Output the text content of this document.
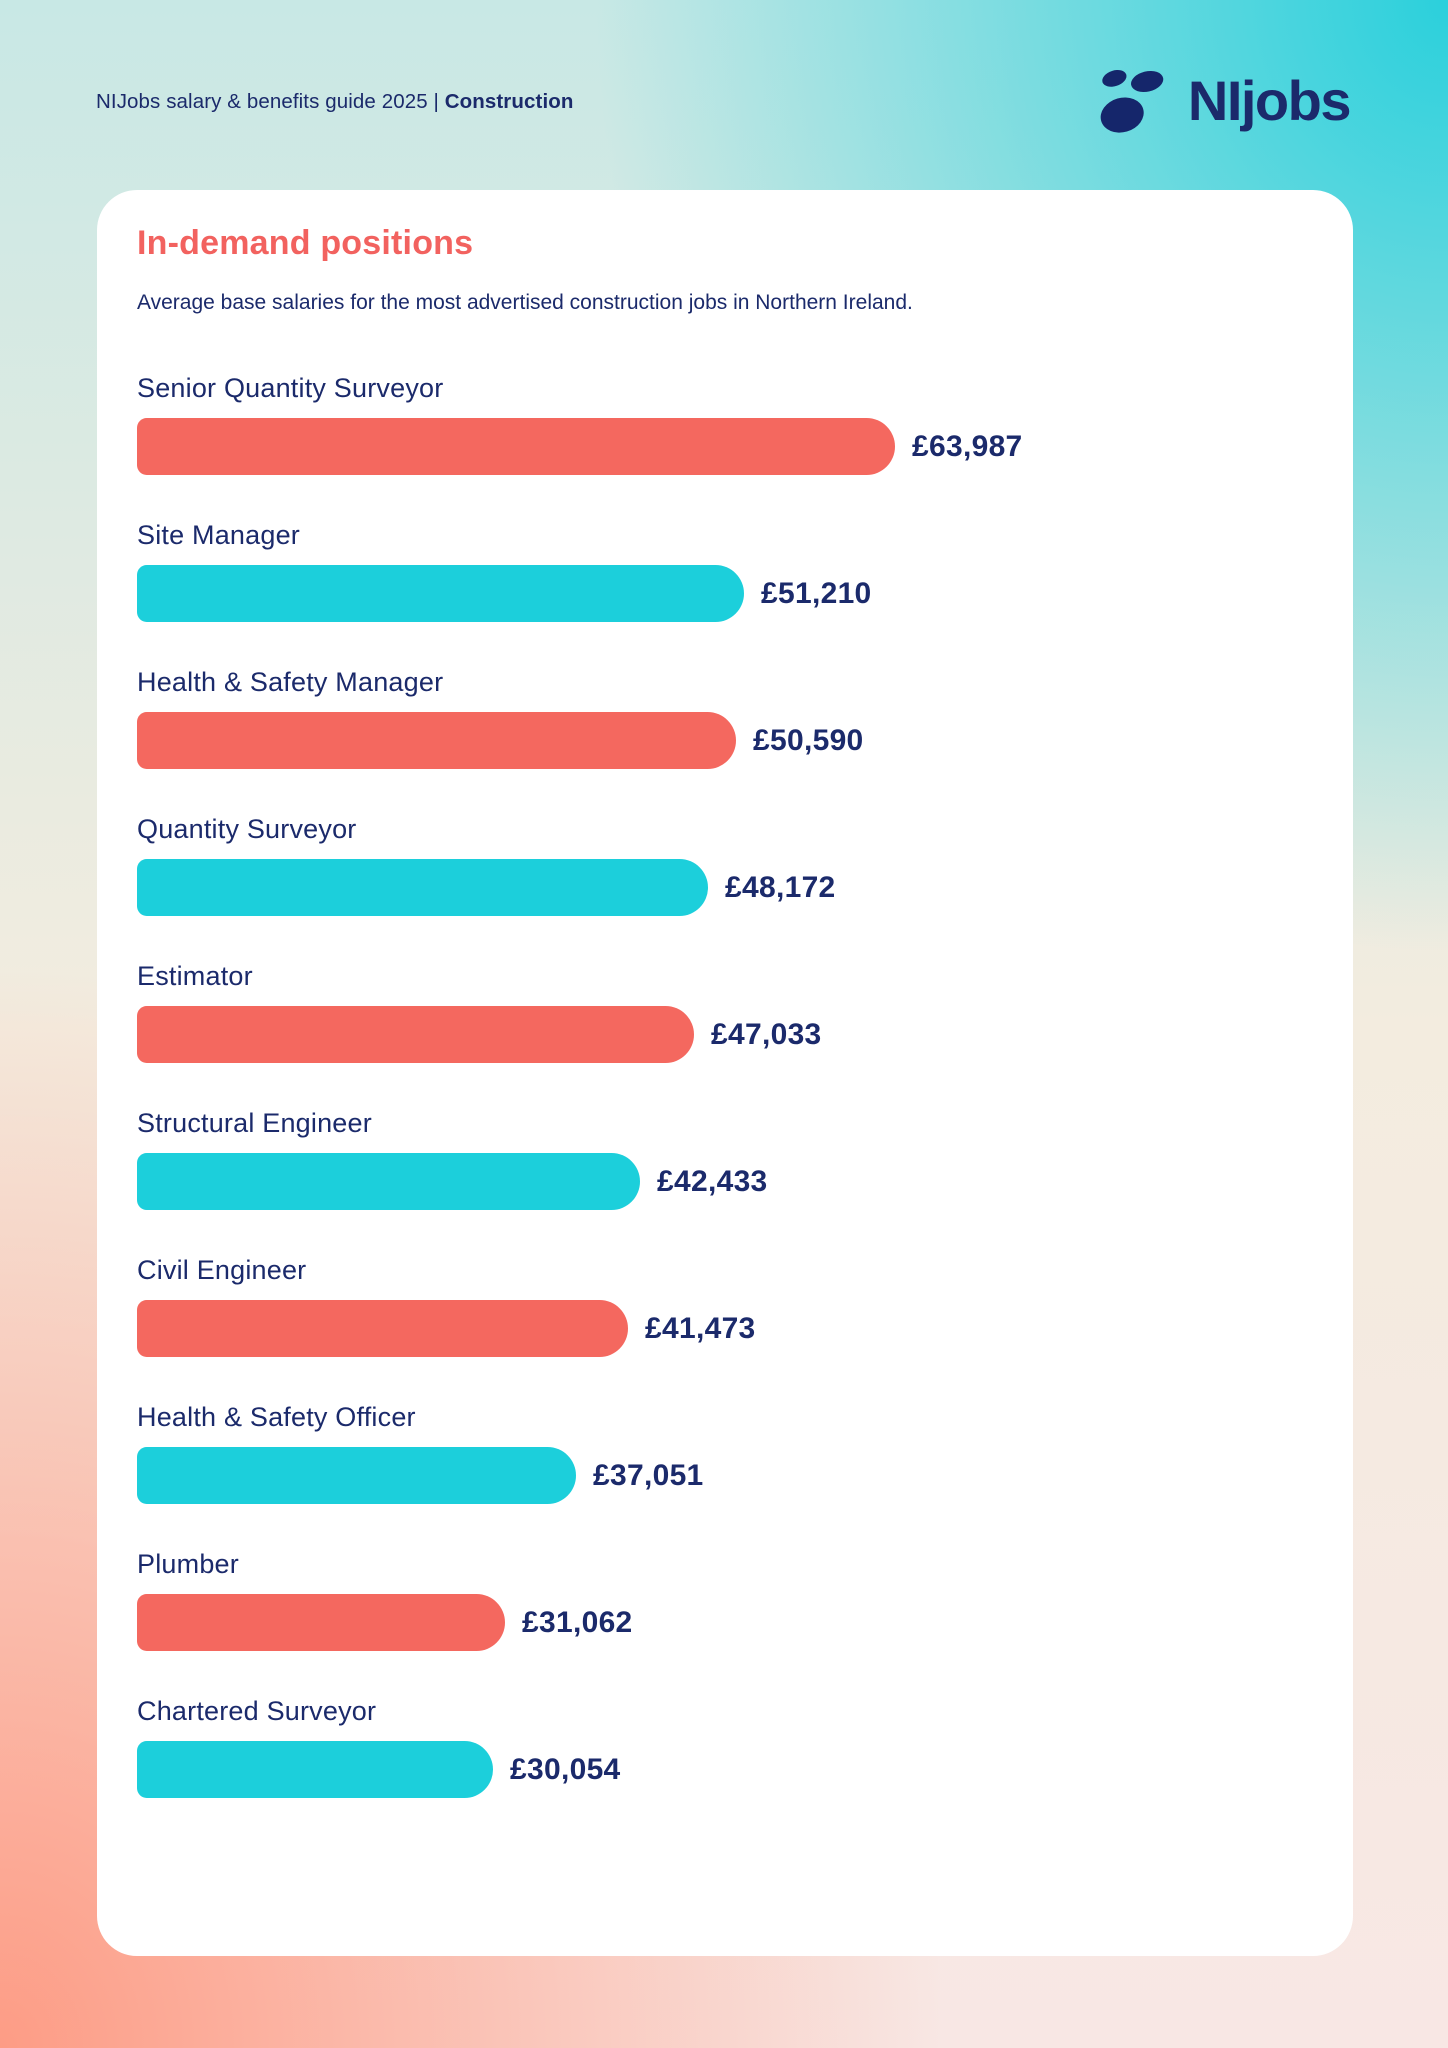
NIJobs salary & benefits guide 2025 | Construction	NIjobs
In-demand positions

Average base salaries for the most advertised construction jobs in Northern Ireland.

Senior Quantity Surveyor
£63,987
Site Manager
£51,210
Health & Safety Manager
£50,590
Quantity Surveyor
£48,172
Estimator
£47,033
Structural Engineer
£42,433
Civil Engineer
£41,473
Health & Safety Officer
£37,051
Plumber
£31,062
Chartered Surveyor
£30,054
